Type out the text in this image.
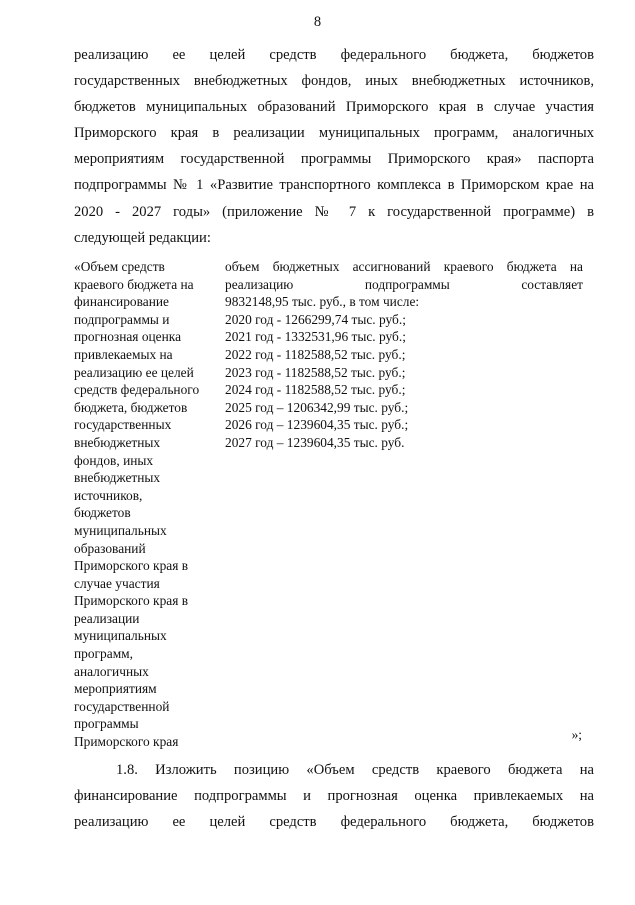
8
реализацию ее целей средств федерального бюджета, бюджетов
государственных внебюджетных фондов, иных внебюджетных источников,
бюджетов муниципальных образований Приморского края в случае участия
Приморского края в реализации муниципальных программ, аналогичных
мероприятиям государственной программы Приморского края» паспорта
подпрограммы № 1 «Развитие транспортного комплекса в Приморском крае на
2020 - 2027 годы» (приложение № 7 к государственной программе) в
следующей редакции:
«Объем средств
краевого бюджета на
финансирование
подпрограммы и
прогнозная оценка
привлекаемых на
реализацию ее целей
средств федерального
бюджета, бюджетов
государственных
внебюджетных
фондов, иных
внебюджетных
источников,
бюджетов
муниципальных
образований
Приморского края в
случае участия
Приморского края в
реализации
муниципальных
программ,
аналогичных
мероприятиям
государственной
программы
Приморского края
объем бюджетных ассигнований краевого бюджета на
реализацию подпрограммы составляет
9832148,95 тыс. руб., в том числе:
2020 год - 1266299,74 тыс. руб.;
2021 год - 1332531,96 тыс. руб.;
2022 год - 1182588,52 тыс. руб.;
2023 год - 1182588,52 тыс. руб.;
2024 год - 1182588,52 тыс. руб.;
2025 год – 1206342,99 тыс. руб.;
2026 год – 1239604,35 тыс. руб.;
2027 год – 1239604,35 тыс. руб.
»;
1.8. Изложить позицию «Объем средств краевого бюджета на
финансирование подпрограммы и прогнозная оценка привлекаемых на
реализацию ее целей средств федерального бюджета, бюджетов
